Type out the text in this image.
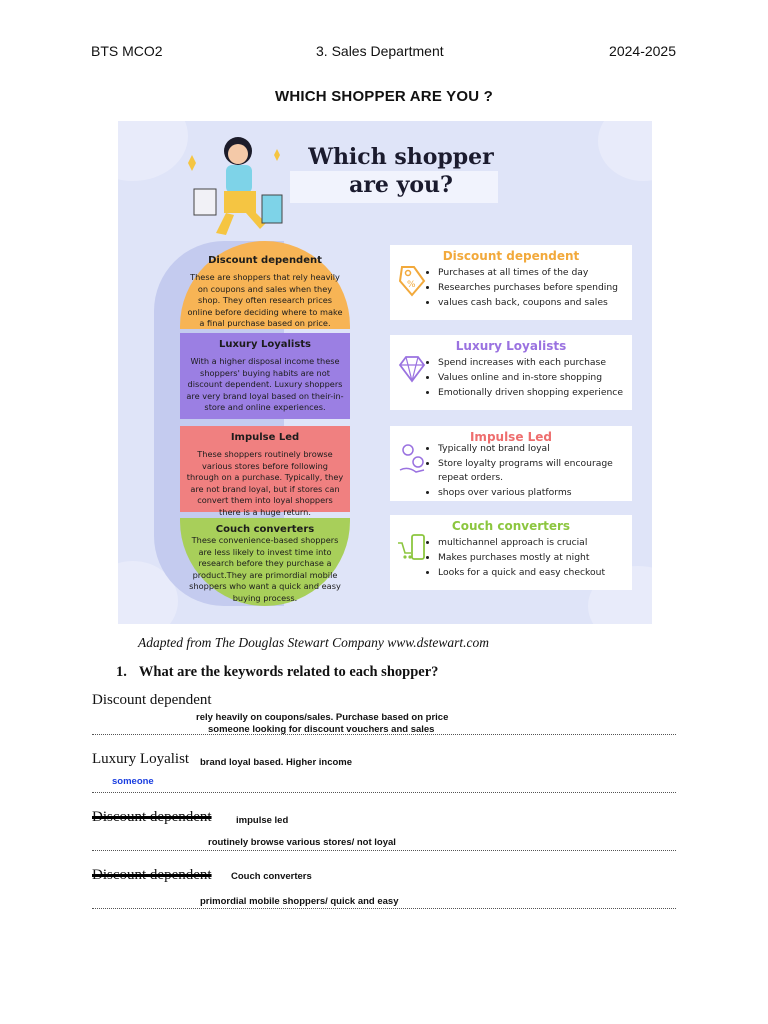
BTS MCO2	3. Sales Department	2024-2025
WHICH SHOPPER ARE YOU ?
Which shopper
are you?
Discount dependent
These are shoppers that rely heavily on coupons and sales when they shop. They often research prices online before deciding where to make a final purchase based on price.
Luxury Loyalists
With a higher disposal income these shoppers' buying habits are not discount dependent. Luxury shoppers are very brand loyal based on their-in-store and online experiences.
Impulse Led
These shoppers routinely browse various stores before following through on a purchase. Typically, they are not brand loyal, but if stores can convert them into loyal shoppers there is a huge return.
Couch converters
These convenience-based shoppers are less likely to invest time into research before they purchase a product.They are primordial mobile shoppers who want a quick and easy buying process.
%
Discount dependent
• Purchases at all times of the day
• Researches purchases before spending
• values cash back, coupons and sales
Luxury Loyalists
• Spend increases with each purchase
• Values online and in-store shopping
• Emotionally driven shopping experience
Impulse Led
• Typically not brand loyal
• Store loyalty programs will encourage repeat orders.
• shops over various platforms
Couch converters
• multichannel approach is crucial
• Makes purchases mostly at night
• Looks for a quick and easy checkout
Adapted from The Douglas Stewart Company www.dstewart.com
1. What are the keywords related to each shopper?
Discount dependent
rely heavily on coupons/sales. Purchase based on price
someone looking for discount vouchers and sales
Luxury Loyalist brand loyal based. Higher income
someone
Discount dependent	impulse led
routinely browse various stores/ not loyal
Discount dependent Couch converters
primordial mobile shoppers/ quick and easy
